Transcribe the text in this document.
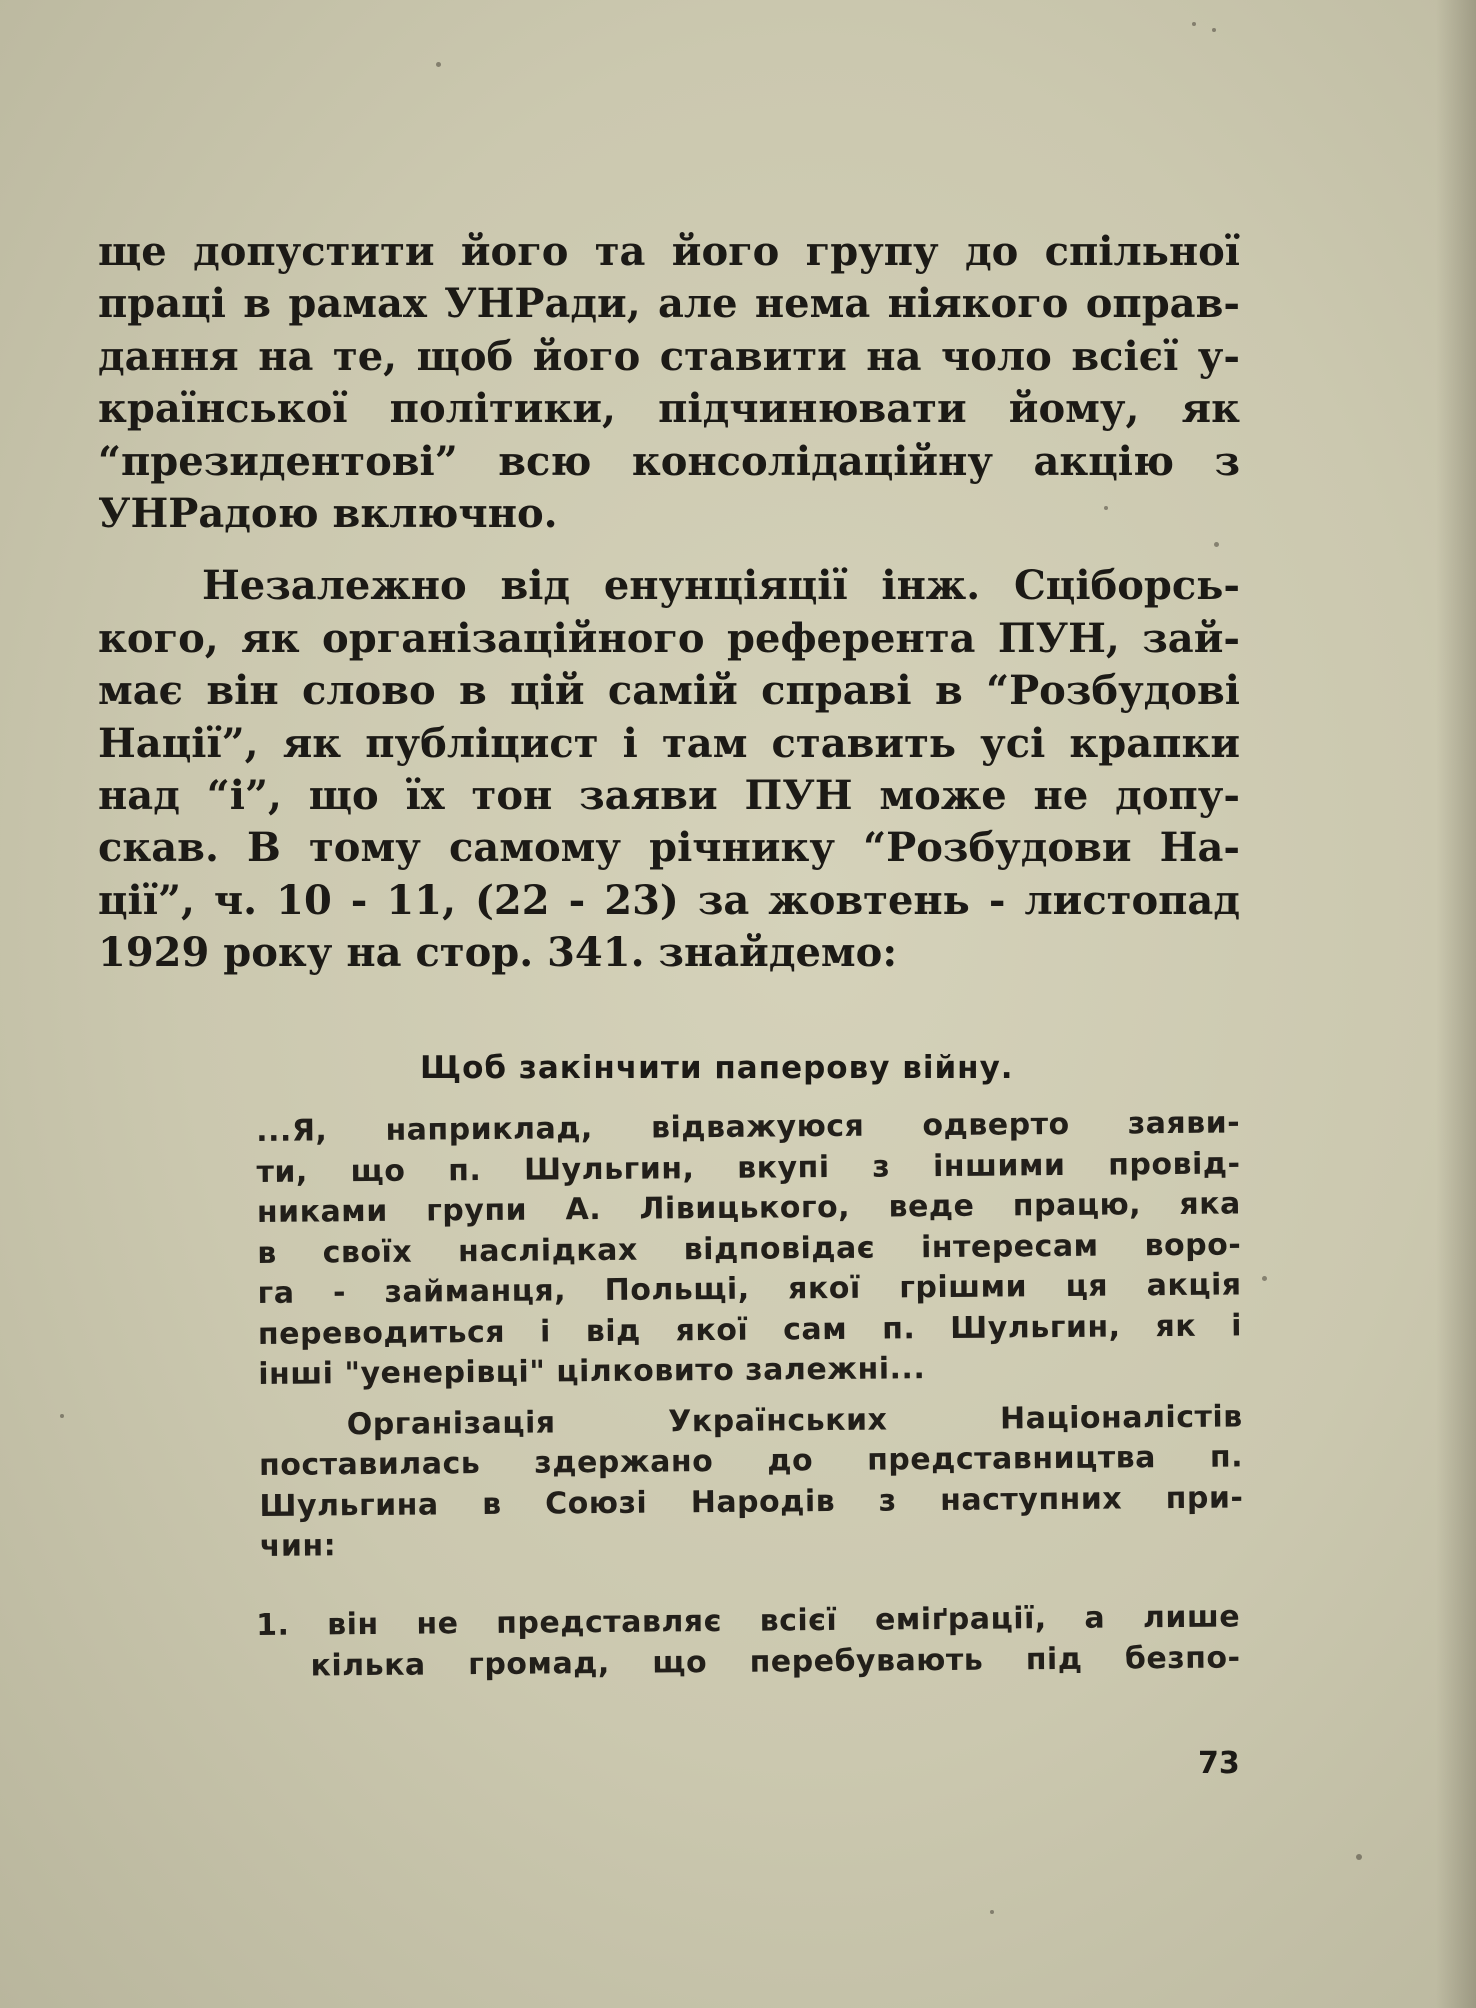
ще допустити його та його групу до спільної
праці в рамах УНРади, але нема ніякого оправ-
дання на те, щоб його ставити на чоло всієї у-
країнської політики, підчинювати йому, як
“президентові” всю консолідаційну акцію з
УНРадою включно.
Незалежно від енунціяції інж. Сціборсь-
кого, як організаційного референта ПУН, зай-
має він слово в цій самій справі в “Розбудові
Нації”, як публіцист і там ставить усі крапки
над “і”, що їх тон заяви ПУН може не допу-
скав. В тому самому річнику “Розбудови На-
ції”, ч. 10 - 11, (22 - 23) за жовтень - листопад
1929 року на стор. 341. знайдемо:
Щоб закінчити паперову війну.
...Я, наприклад, відважуюся одверто заяви-
ти, що п. Шульгин, вкупі з іншими провід-
никами групи А. Лівицького, веде працю, яка
в своїх наслідках відповідає інтересам воро-
га - займанця, Польщі, якої грішми ця акція
переводиться і від якої сам п. Шульгин, як і
інші "уенерівці" цілковито залежні...
Організація Українських Націоналістів
поставилась здержано до представництва п.
Шульгина в Союзі Народів з наступних при-
чин:
1. він не представляє всієї еміґрації, а лише
кількa громад, що перебувають під безпо-
73
